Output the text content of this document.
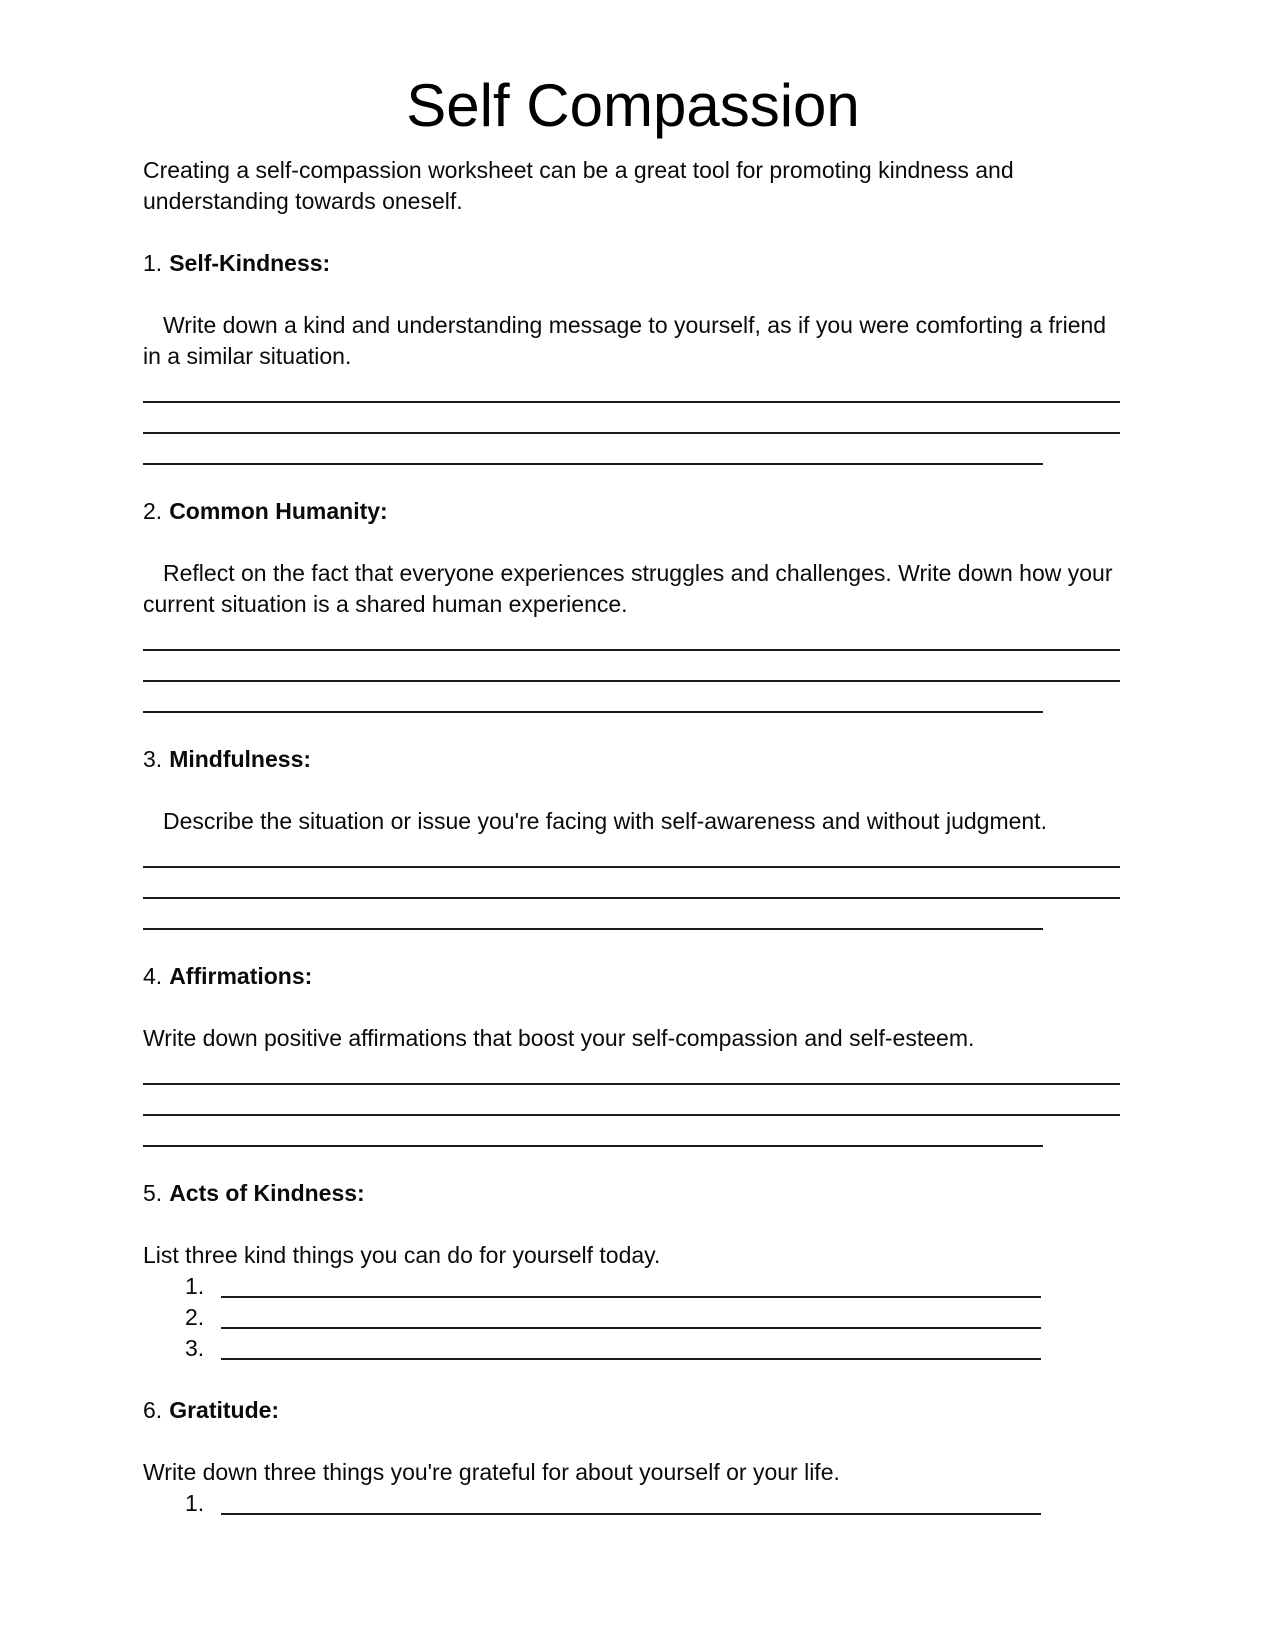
Self Compassion

Creating a self-compassion worksheet can be a great tool for promoting kindness and understanding towards oneself.

1. Self-Kindness:

Write down a kind and understanding message to yourself, as if you were comforting a friend in a similar situation.

2. Common Humanity:

Reflect on the fact that everyone experiences struggles and challenges. Write down how your current situation is a shared human experience.

3. Mindfulness:

Describe the situation or issue you're facing with self-awareness and without judgment.

4. Affirmations:

Write down positive affirmations that boost your self-compassion and self-esteem.

5. Acts of Kindness:

List three kind things you can do for yourself today.

1.
2.
3.
6. Gratitude:

Write down three things you're grateful for about yourself or your life.

1.
